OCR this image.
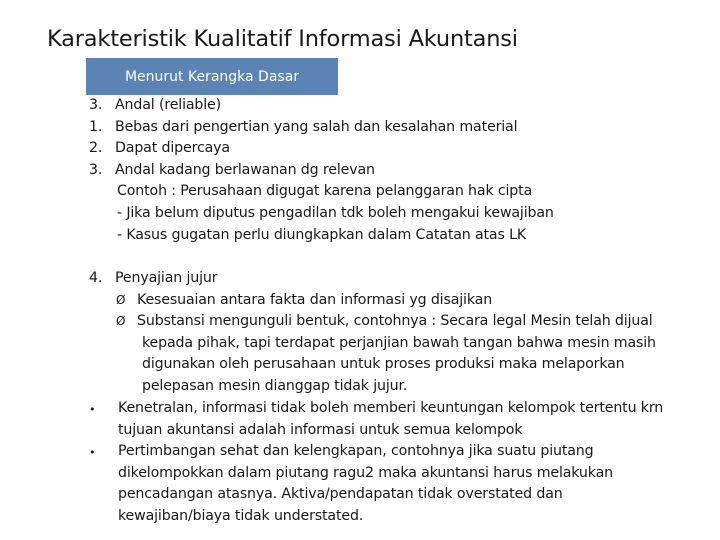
Karakteristik Kualitatif Informasi Akuntansi
Menurut Kerangka Dasar
3. Andal (reliable)
1. Bebas dari pengertian yang salah dan kesalahan material
2. Dapat dipercaya
3. Andal kadang berlawanan dg relevan
Contoh : Perusahaan digugat karena pelanggaran hak cipta
- Jika belum diputus pengadilan tdk boleh mengakui kewajiban
- Kasus gugatan perlu diungkapkan dalam Catatan atas LK
4. Penyajian jujur
Ø Kesesuaian antara fakta dan informasi yg disajikan
Ø Substansi mengunguli bentuk, contohnya : Secara legal Mesin telah dijual
kepada pihak, tapi terdapat perjanjian bawah tangan bahwa mesin masih
digunakan oleh perusahaan untuk proses produksi maka melaporkan
pelepasan mesin dianggap tidak jujur.
• Kenetralan, informasi tidak boleh memberi keuntungan kelompok tertentu krn
tujuan akuntansi adalah informasi untuk semua kelompok
• Pertimbangan sehat dan kelengkapan, contohnya jika suatu piutang
dikelompokkan dalam piutang ragu2 maka akuntansi harus melakukan
pencadangan atasnya. Aktiva/pendapatan tidak overstated dan
kewajiban/biaya tidak understated.
